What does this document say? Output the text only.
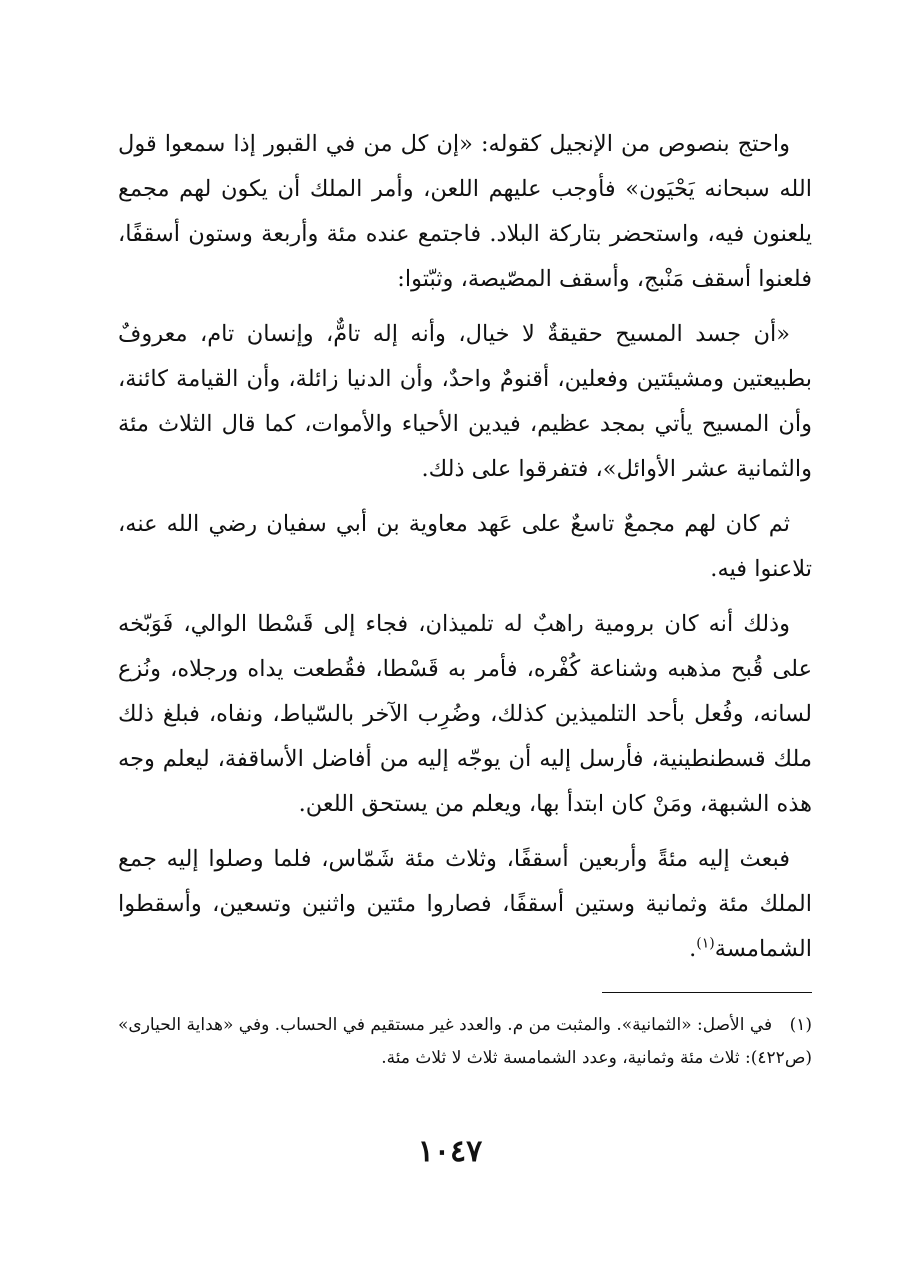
واحتج بنصوص من الإنجيل كقوله: «إن كل من في القبور إذا سمعوا قول الله سبحانه يَحْيَون» فأوجب عليهم اللعن، وأمر الملك أن يكون لهم مجمع يلعنون فيه، واستحضر بتاركة البلاد. فاجتمع عنده مئة وأربعة وستون أسقفًا، فلعنوا أسقف مَنْبج، وأسقف المصّيصة، وثبّتوا:

«أن جسد المسيح حقيقةٌ لا خيال، وأنه إله تامٌّ، وإنسان تام، معروفٌ بطبيعتين ومشيئتين وفعلين، أقنومٌ واحدٌ، وأن الدنيا زائلة، وأن القيامة كائنة، وأن المسيح يأتي بمجد عظيم، فيدين الأحياء والأموات، كما قال الثلاث مئة والثمانية عشر الأوائل»، فتفرقوا على ذلك.

ثم كان لهم مجمعٌ تاسعٌ على عَهد معاوية بن أبي سفيان رضي الله عنه، تلاعنوا فيه.

وذلك أنه كان برومية راهبٌ له تلميذان، فجاء إلى قَسْطا الوالي، فَوَبّخه على قُبح مذهبه وشناعة كُفْره، فأمر به قَسْطا، فقُطعت يداه ورجلاه، ونُزع لسانه، وفُعل بأحد التلميذين كذلك، وضُرِب الآخر بالسّياط، ونفاه، فبلغ ذلك ملك قسطنطينية، فأرسل إليه أن يوجّه إليه من أفاضل الأساقفة، ليعلم وجه هذه الشبهة، ومَنْ كان ابتدأ بها، ويعلم من يستحق اللعن.

فبعث إليه مئةً وأربعين أسقفًا، وثلاث مئة شَمّاس، فلما وصلوا إليه جمع الملك مئة وثمانية وستين أسقفًا، فصاروا مئتين واثنين وتسعين، وأسقطوا الشمامسة$^{(١)}$.

(١) في الأصل: «الثمانية». والمثبت من م. والعدد غير مستقيم في الحساب. وفي «هداية الحيارى» (ص٤٢٢): ثلاث مئة وثمانية، وعدد الشمامسة ثلاث لا ثلاث مئة.
١٠٤٧
